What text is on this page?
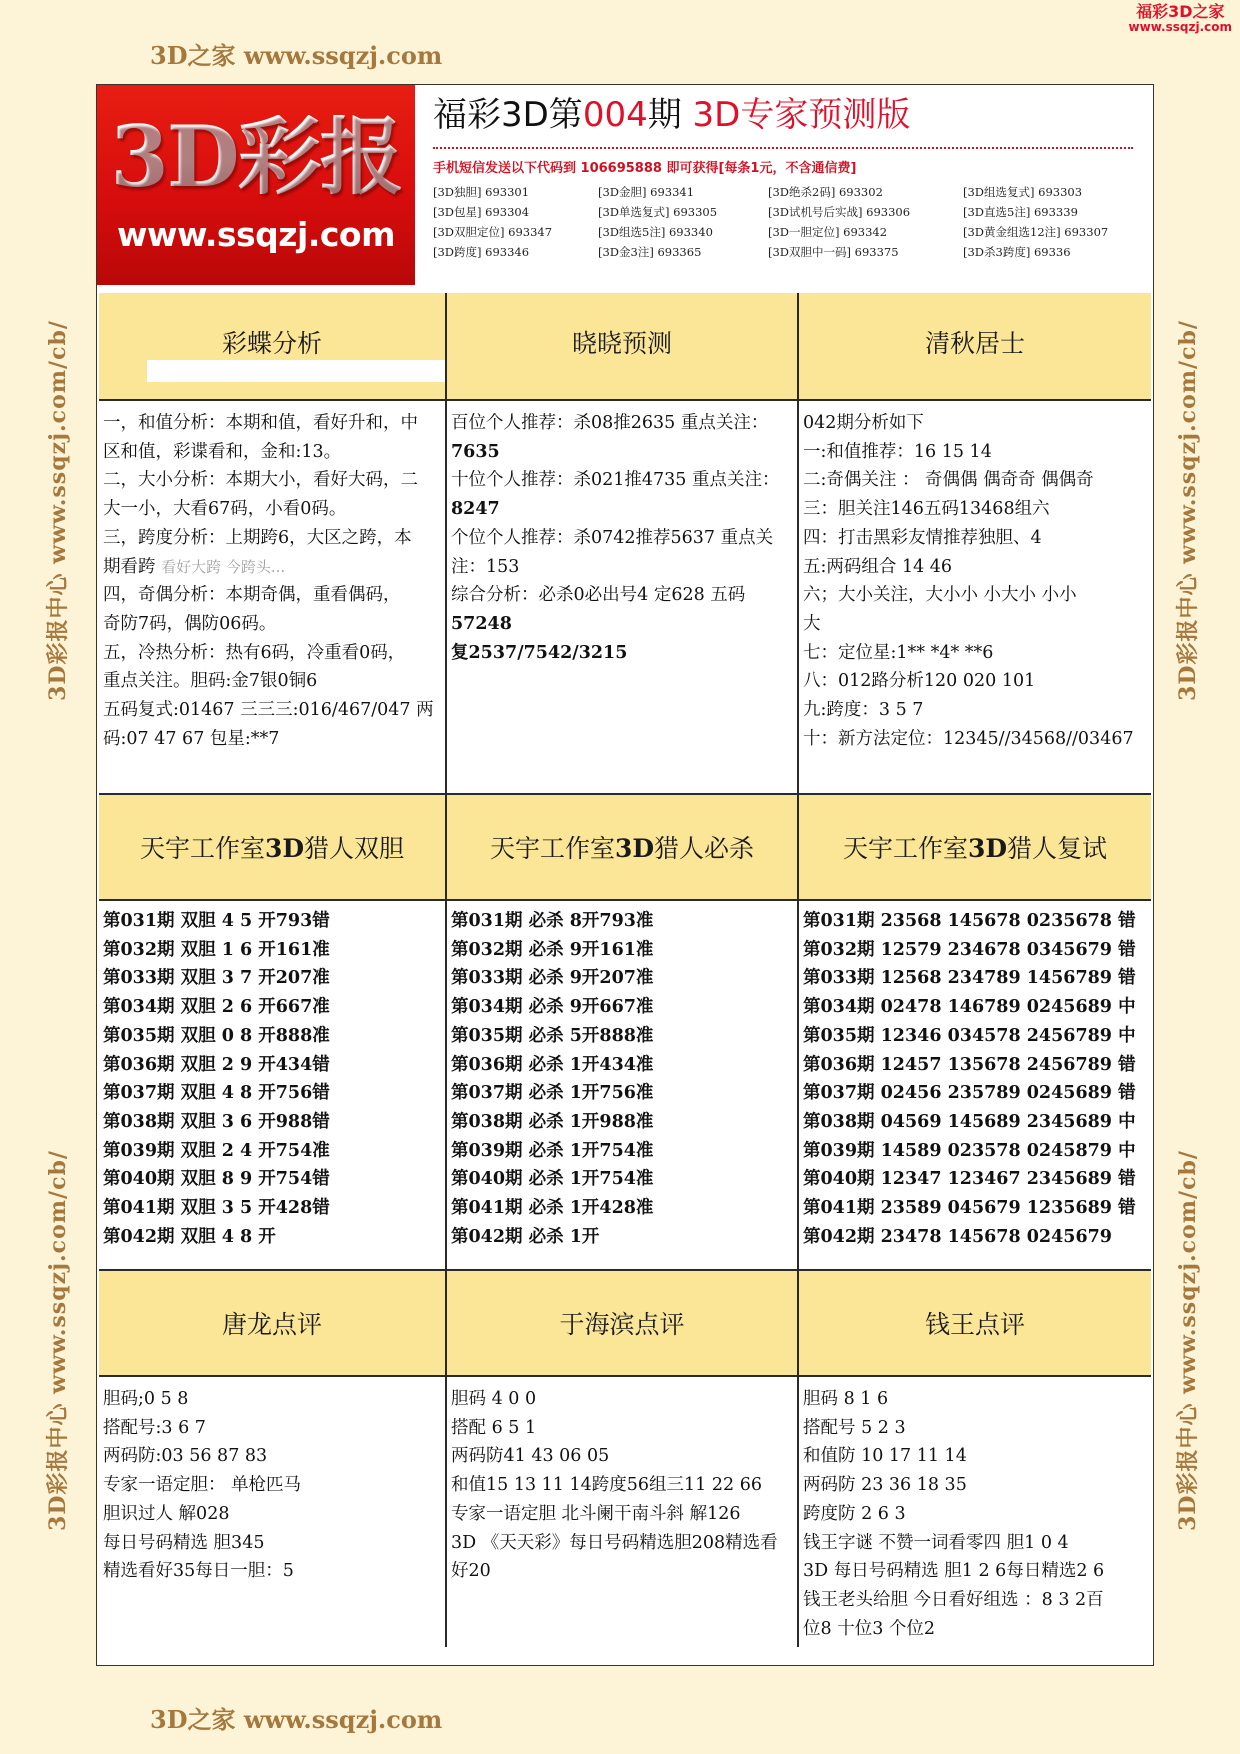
福彩3D之家
www.ssqzj.com
3D之家 www.ssqzj.com
3D之家 www.ssqzj.com
3D彩报中心 www.ssqzj.com/cb/
3D彩报中心 www.ssqzj.com/cb/
3D彩报中心 www.ssqzj.com/cb/
3D彩报中心 www.ssqzj.com/cb/
3D彩报
www.ssqzj.com
福彩3D第004期 3D专家预测版
手机短信发送以下代码到 106695888 即可获得[每条1元，不含通信费]
[3D独胆] 693301	[3D金胆] 693341	[3D绝杀2码] 693302	[3D组选复式] 693303
[3D包星] 693304	[3D单选复式] 693305	[3D试机号后实战] 693306	[3D直选5注] 693339
[3D双胆定位] 693347	[3D组选5注] 693340	[3D一胆定位] 693342	[3D黄金组选12注] 693307
[3D跨度] 693346	[3D金3注] 693365	[3D双胆中一码] 693375	[3D杀3跨度] 69336
彩蝶分析	晓晓预测	清秋居士
一，和值分析：本期和值，看好升和，中
区和值，彩谍看和，金和:13。
二，大小分析：本期大小，看好大码，二
大一小，大看67码，小看0码。
三，跨度分析：上期跨6，大区之跨，本
期看跨 看好大跨 今跨头...
四，奇偶分析：本期奇偶，重看偶码，
奇防7码，偶防06码。
五，冷热分析：热有6码，冷重看0码，
重点关注。胆码:金7银0铜6
五码复式:01467 三三三:016/467/047 两
码:07 47 67 包星:**7
百位个人推荐：杀08推2635 重点关注：
7635
十位个人推荐：杀021推4735 重点关注：
8247
个位个人推荐：杀0742推荐5637 重点关
注：153
综合分析：必杀0必出号4 定628 五码
57248
复2537/7542/3215
042期分析如下
一:和值推荐：16 15 14
二:奇偶关注 ： 奇偶偶 偶奇奇 偶偶奇
三：胆关注146五码13468组六
四：打击黑彩友情推荐独胆、4
五:两码组合 14 46
六；大小关注，大小小 小大小 小小
大
七：定位星:1** *4* **6
八：012路分析120 020 101
九:跨度：3 5 7
十：新方法定位：12345//34568//03467
天宇工作室3D猎人双胆	天宇工作室3D猎人必杀	天宇工作室3D猎人复试
第031期 双胆 4 5 开793错
第032期 双胆 1 6 开161准
第033期 双胆 3 7 开207准
第034期 双胆 2 6 开667准
第035期 双胆 0 8 开888准
第036期 双胆 2 9 开434错
第037期 双胆 4 8 开756错
第038期 双胆 3 6 开988错
第039期 双胆 2 4 开754准
第040期 双胆 8 9 开754错
第041期 双胆 3 5 开428错
第042期 双胆 4 8 开
第031期 必杀 8开793准
第032期 必杀 9开161准
第033期 必杀 9开207准
第034期 必杀 9开667准
第035期 必杀 5开888准
第036期 必杀 1开434准
第037期 必杀 1开756准
第038期 必杀 1开988准
第039期 必杀 1开754准
第040期 必杀 1开754准
第041期 必杀 1开428准
第042期 必杀 1开
第031期 23568 145678 0235678 错
第032期 12579 234678 0345679 错
第033期 12568 234789 1456789 错
第034期 02478 146789 0245689 中
第035期 12346 034578 2456789 中
第036期 12457 135678 2456789 错
第037期 02456 235789 0245689 错
第038期 04569 145689 2345689 中
第039期 14589 023578 0245879 中
第040期 12347 123467 2345689 错
第041期 23589 045679 1235689 错
第042期 23478 145678 0245679
唐龙点评	于海滨点评	钱王点评
胆码;0 5 8
搭配号:3 6 7
两码防:03 56 87 83
专家一语定胆： 单枪匹马
胆识过人 解028
每日号码精选 胆345
精选看好35每日一胆：5
胆码 4 0 0
搭配 6 5 1
两码防41 43 06 05
和值15 13 11 14跨度56组三11 22 66
专家一语定胆 北斗阑干南斗斜 解126
3D 《天天彩》每日号码精选胆208精选看
好20
胆码 8 1 6
搭配号 5 2 3
和值防 10 17 11 14
两码防 23 36 18 35
跨度防 2 6 3
钱王字谜 不赞一词看零四 胆1 0 4
3D 每日号码精选 胆1 2 6每日精选2 6
钱王老头给胆 今日看好组选 ：8 3 2百
位8 十位3 个位2
